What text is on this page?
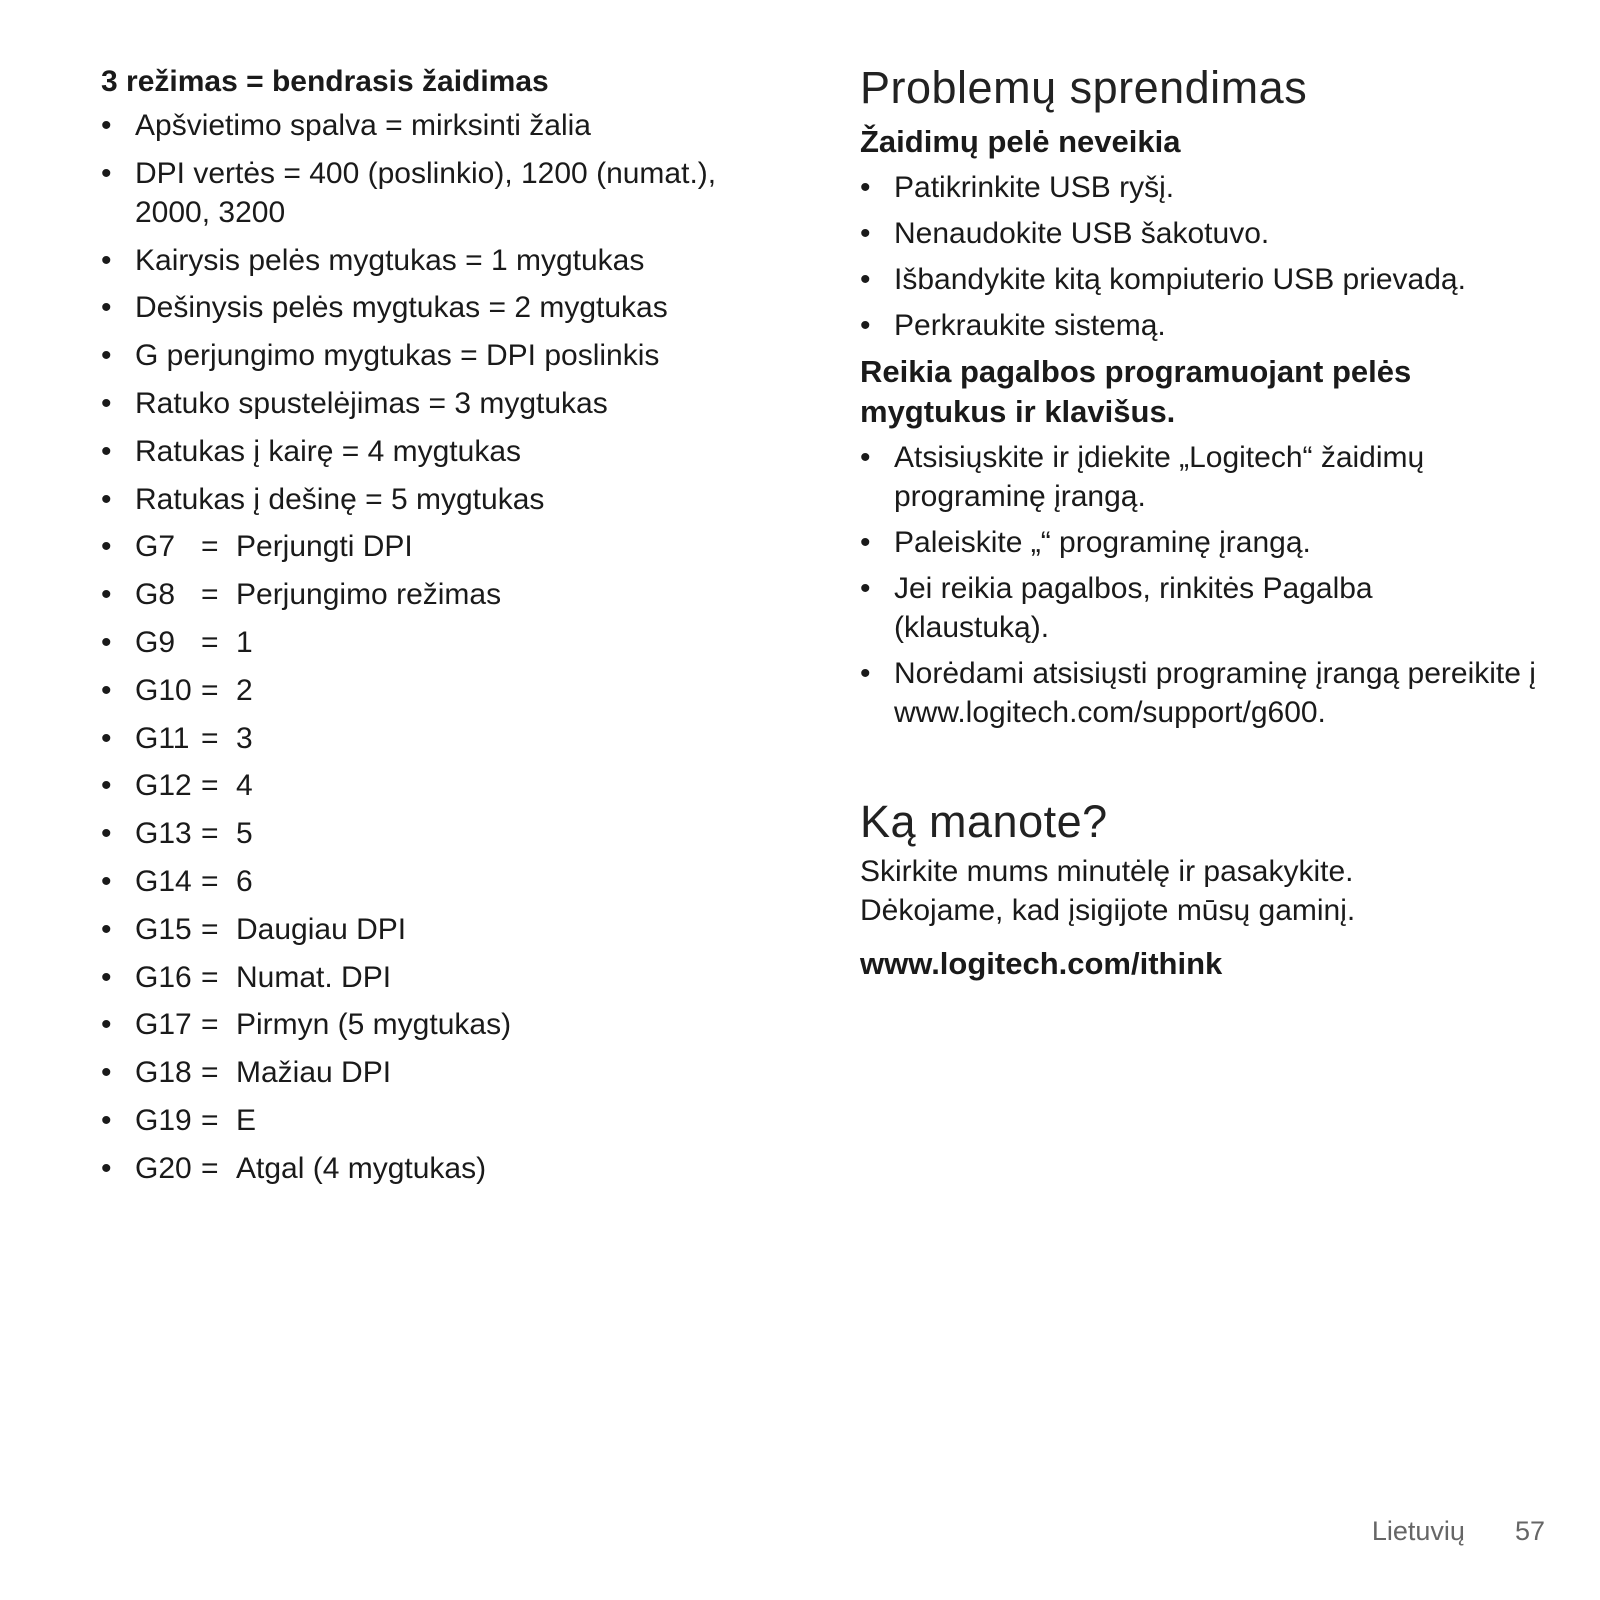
3 režimas = bendrasis žaidimas

• Apšvietimo spalva = mirksinti žalia
• DPI vertės = 400 (poslinkio), 1200 (numat.), 2000, 3200
• Kairysis pelės mygtukas = 1 mygtukas
• Dešinysis pelės mygtukas = 2 mygtukas
• G perjungimo mygtukas = DPI poslinkis
• Ratuko spustelėjimas = 3 mygtukas
• Ratukas į kairę = 4 mygtukas
• Ratukas į dešinę = 5 mygtukas
• G7 = Perjungti DPI
• G8 = Perjungimo režimas
• G9 = 1
• G10 = 2
• G11 = 3
• G12 = 4
• G13 = 5
• G14 = 6
• G15 = Daugiau DPI
• G16 = Numat. DPI
• G17 = Pirmyn (5 mygtukas)
• G18 = Mažiau DPI
• G19 = E
• G20 = Atgal (4 mygtukas)
Problemų sprendimas

Žaidimų pelė neveikia

• Patikrinkite USB ryšį.
• Nenaudokite USB šakotuvo.
• Išbandykite kitą kompiuterio USB prievadą.
• Perkraukite sistemą.

Reikia pagalbos programuojant pelės mygtukus ir klavišus.

• Atsisiųskite ir įdiekite „Logitech“ žaidimų programinę įrangą.
• Paleiskite „“ programinę įrangą.
• Jei reikia pagalbos, rinkitės Pagalba (klaustuką).
• Norėdami atsisiųsti programinę įrangą pereikite į www.logitech.com/support/g600.
Ką manote?

Skirkite mums minutėlę ir pasakykite.

Dėkojame, kad įsigijote mūsų gaminį.

www.logitech.com/ithink

Lietuvių 57
